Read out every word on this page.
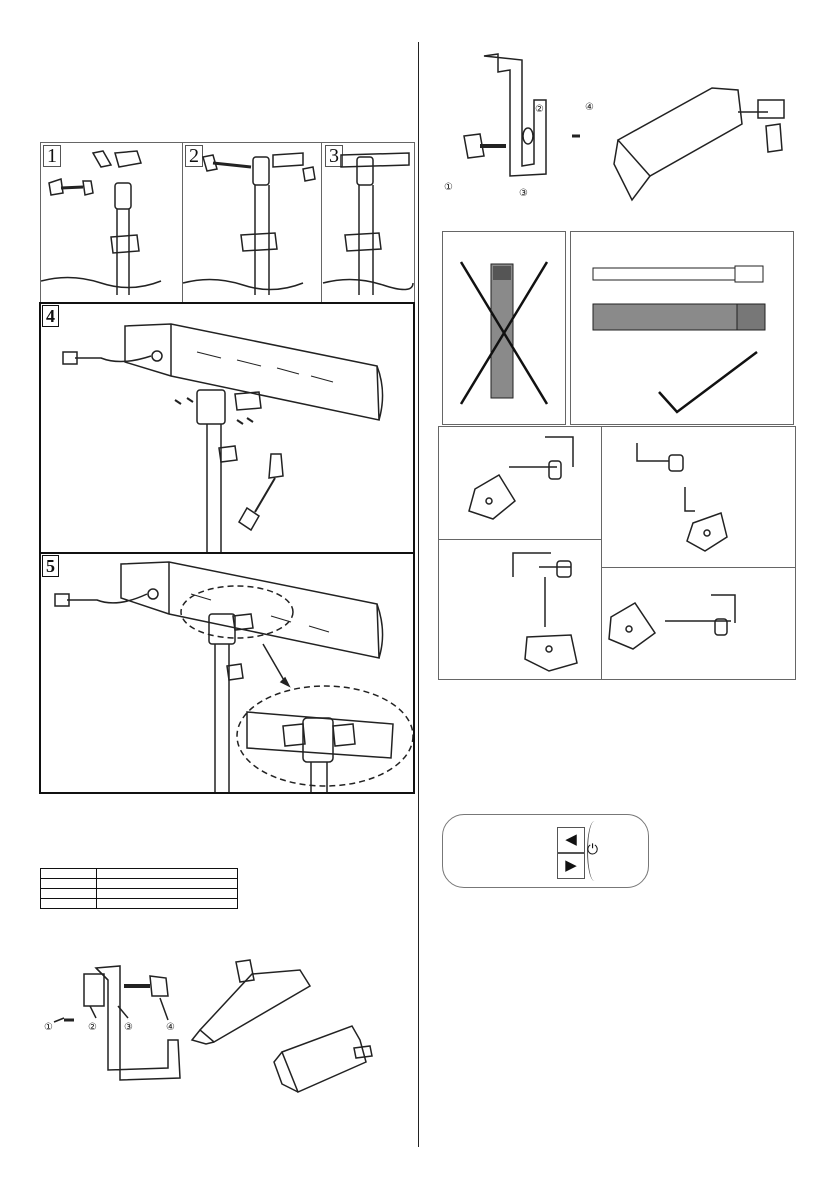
1	2	3
4
5

①	②	③	④
①
②
③
④
◀
▶
⏻
